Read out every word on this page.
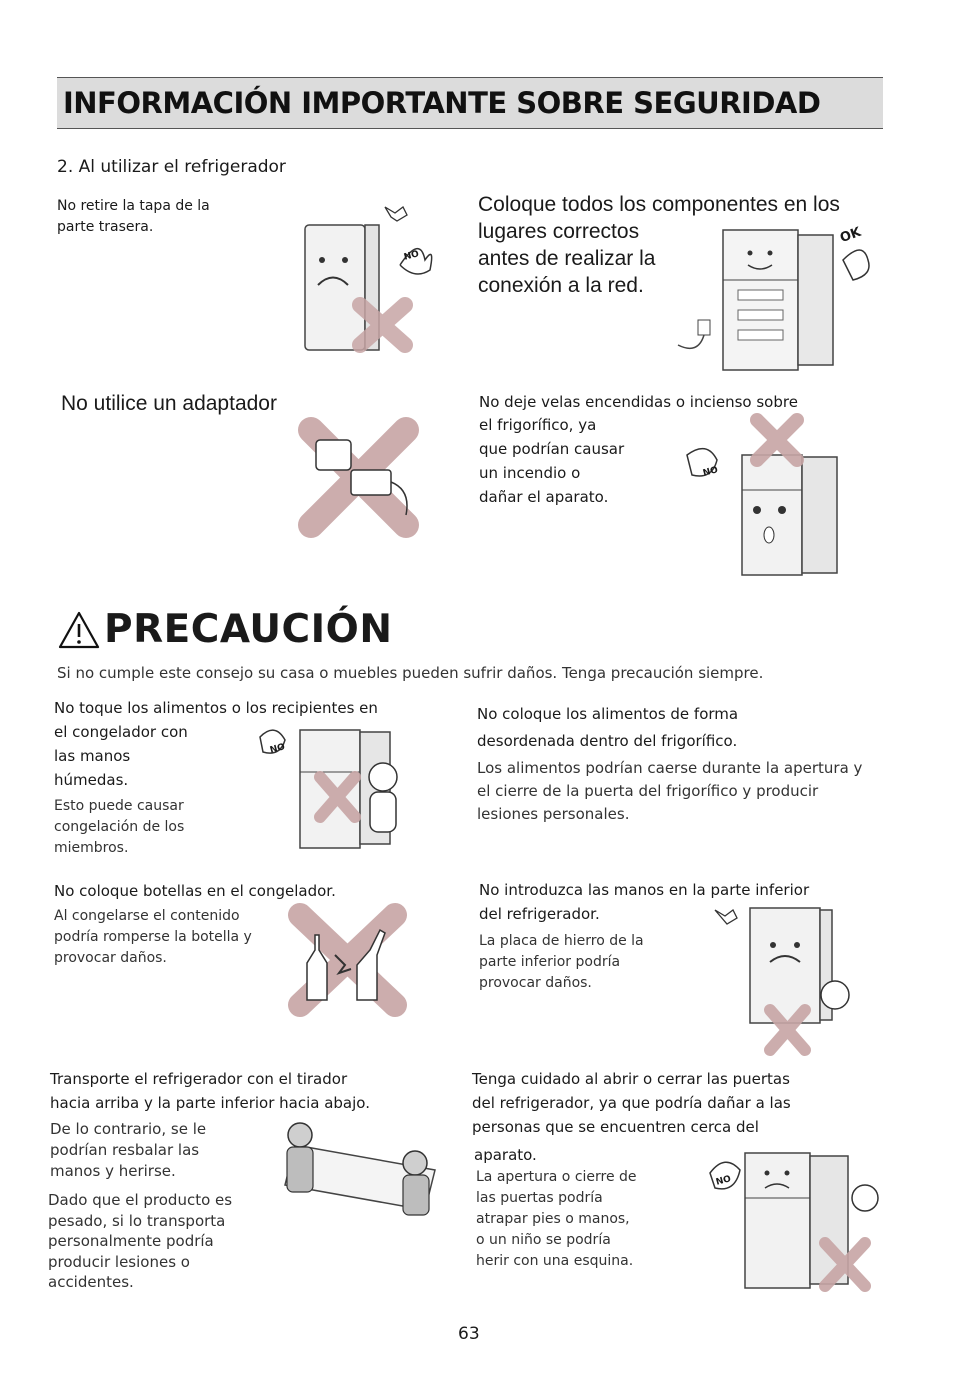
INFORMACIÓN IMPORTANTE SOBRE SEGURIDAD
2. Al utilizar el refrigerador
No retire la tapa de la
parte trasera.
NO
Coloque todos los componentes en los
lugares correctos
antes de realizar la
conexión a la red.
OK
No utilice un adaptador	No deje velas encendidas o incienso sobre
el frigorífico, ya
que podrían causar
un incendio o
dañar el aparato.
NO
PRECAUCIÓN
Si no cumple este consejo su casa o muebles pueden sufrir daños. Tenga precaución siempre.
No toque los alimentos o los recipientes en
el congelador con
las manos
húmedas.
Esto puede causar
congelación de los
miembros.
NO
No coloque los alimentos de forma
desordenada dentro del frigorífico.
Los alimentos podrían caerse durante la apertura y
el cierre de la puerta del frigorífico y producir
lesiones personales.
No coloque botellas en el congelador.
Al congelarse el contenido
podría romperse la botella y
provocar daños.
No introduzca las manos en la parte inferior
del refrigerador.
La placa de hierro de la
parte inferior podría
provocar daños.
Transporte el refrigerador con el tirador
hacia arriba y la parte inferior hacia abajo.
De lo contrario, se le
podrían resbalar las
manos y herirse.
Dado que el producto es
pesado, si lo transporta
personalmente podría
producir lesiones o
accidentes.
Tenga cuidado al abrir o cerrar las puertas
del refrigerador, ya que podría dañar a las
personas que se encuentren cerca del
aparato.
La apertura o cierre de
las puertas podría
atrapar pies o manos,
o un niño se podría
herir con una esquina.
NO
63
